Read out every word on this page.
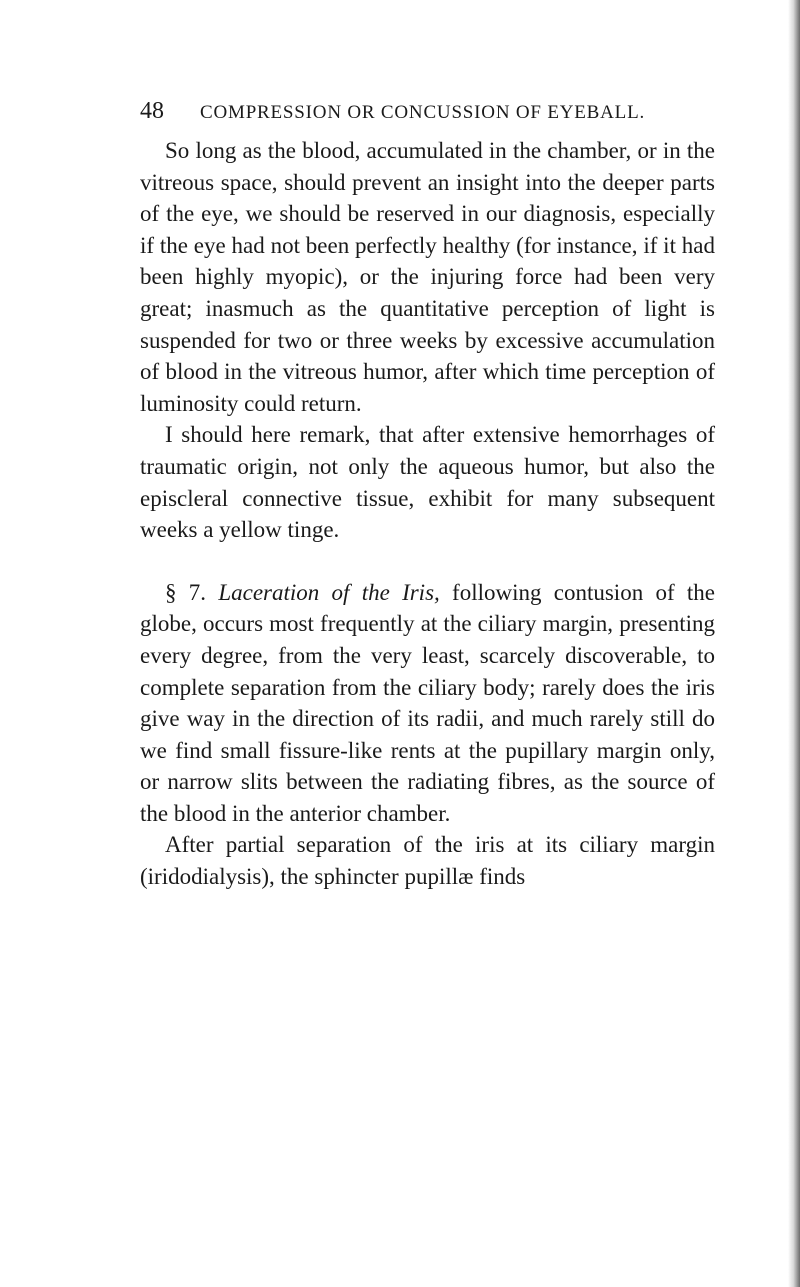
48	COMPRESSION OR CONCUSSION OF EYEBALL.

So long as the blood, accumulated in the chamber, or in the vitreous space, should prevent an insight into the deeper parts of the eye, we should be reserved in our diagnosis, especially if the eye had not been perfectly healthy (for instance, if it had been highly myopic), or the injuring force had been very great; inasmuch as the quantitative perception of light is suspended for two or three weeks by excessive accumulation of blood in the vitreous humor, after which time perception of luminosity could return.

I should here remark, that after extensive hemorrhages of traumatic origin, not only the aqueous humor, but also the episcleral connective tissue, exhibit for many subsequent weeks a yellow tinge.

§ 7. Laceration of the Iris, following contusion of the globe, occurs most frequently at the ciliary margin, presenting every degree, from the very least, scarcely discoverable, to complete separation from the ciliary body; rarely does the iris give way in the direction of its radii, and much rarely still do we find small fissure-like rents at the pupillary margin only, or narrow slits between the radiating fibres, as the source of the blood in the anterior chamber.

After partial separation of the iris at its ciliary margin (iridodialysis), the sphincter pupillæ finds
